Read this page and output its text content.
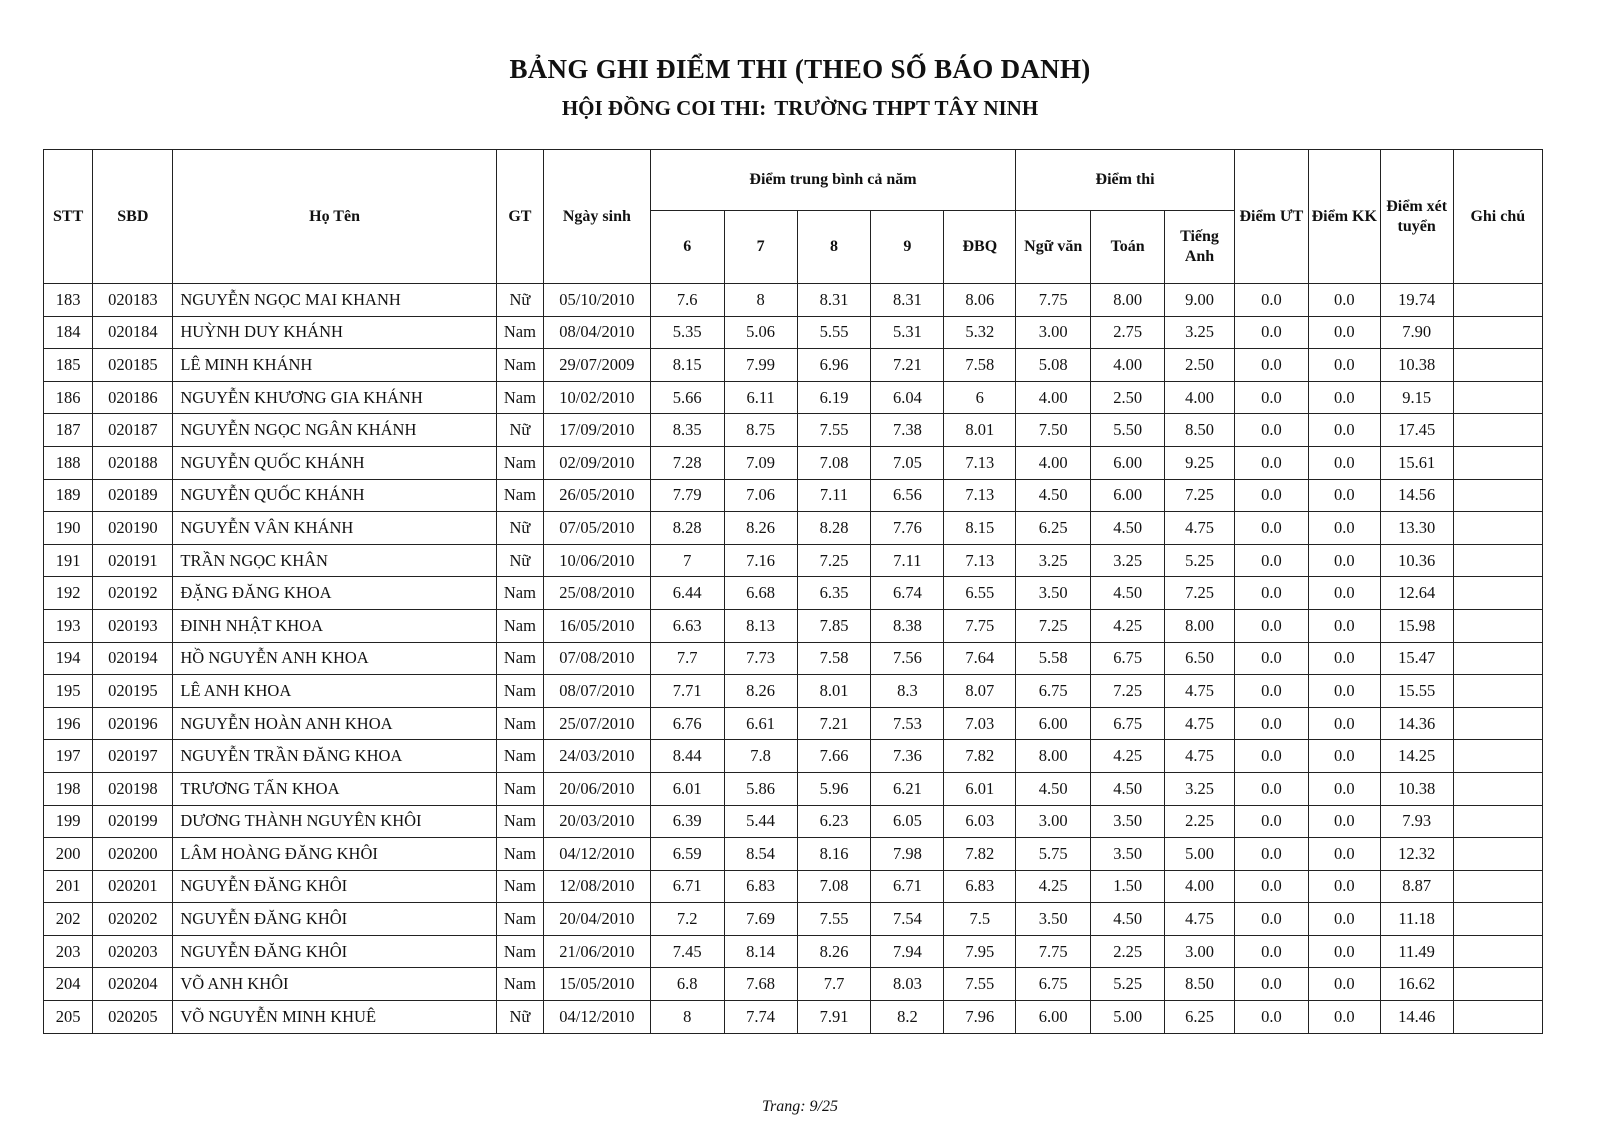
BẢNG GHI ĐIỂM THI (THEO SỐ BÁO DANH)
HỘI ĐỒNG COI THI: TRƯỜNG THPT TÂY NINH
STT	SBD	Họ Tên	GT	Ngày sinh	Điểm trung bình cả năm					Điểm thi			Điểm ƯT	Điểm KK	Điểm xét tuyển	Ghi chú
					6	7	8	9	ĐBQ	Ngữ văn	Toán	Tiếng Anh				
183	020183	NGUYỄN NGỌC MAI KHANH	Nữ	05/10/2010	7.6	8	8.31	8.31	8.06	7.75	8.00	9.00	0.0	0.0	19.74	
184	020184	HUỲNH DUY KHÁNH	Nam	08/04/2010	5.35	5.06	5.55	5.31	5.32	3.00	2.75	3.25	0.0	0.0	7.90	
185	020185	LÊ MINH KHÁNH	Nam	29/07/2009	8.15	7.99	6.96	7.21	7.58	5.08	4.00	2.50	0.0	0.0	10.38	
186	020186	NGUYỄN KHƯƠNG GIA KHÁNH	Nam	10/02/2010	5.66	6.11	6.19	6.04	6	4.00	2.50	4.00	0.0	0.0	9.15	
187	020187	NGUYỄN NGỌC NGÂN KHÁNH	Nữ	17/09/2010	8.35	8.75	7.55	7.38	8.01	7.50	5.50	8.50	0.0	0.0	17.45	
188	020188	NGUYỄN QUỐC KHÁNH	Nam	02/09/2010	7.28	7.09	7.08	7.05	7.13	4.00	6.00	9.25	0.0	0.0	15.61	
189	020189	NGUYỄN QUỐC KHÁNH	Nam	26/05/2010	7.79	7.06	7.11	6.56	7.13	4.50	6.00	7.25	0.0	0.0	14.56	
190	020190	NGUYỄN VÂN KHÁNH	Nữ	07/05/2010	8.28	8.26	8.28	7.76	8.15	6.25	4.50	4.75	0.0	0.0	13.30	
191	020191	TRẦN NGỌC KHÂN	Nữ	10/06/2010	7	7.16	7.25	7.11	7.13	3.25	3.25	5.25	0.0	0.0	10.36	
192	020192	ĐẶNG ĐĂNG KHOA	Nam	25/08/2010	6.44	6.68	6.35	6.74	6.55	3.50	4.50	7.25	0.0	0.0	12.64	
193	020193	ĐINH NHẬT KHOA	Nam	16/05/2010	6.63	8.13	7.85	8.38	7.75	7.25	4.25	8.00	0.0	0.0	15.98	
194	020194	HỒ NGUYỄN ANH KHOA	Nam	07/08/2010	7.7	7.73	7.58	7.56	7.64	5.58	6.75	6.50	0.0	0.0	15.47	
195	020195	LÊ ANH KHOA	Nam	08/07/2010	7.71	8.26	8.01	8.3	8.07	6.75	7.25	4.75	0.0	0.0	15.55	
196	020196	NGUYỄN HOÀN ANH KHOA	Nam	25/07/2010	6.76	6.61	7.21	7.53	7.03	6.00	6.75	4.75	0.0	0.0	14.36	
197	020197	NGUYỄN TRẦN ĐĂNG KHOA	Nam	24/03/2010	8.44	7.8	7.66	7.36	7.82	8.00	4.25	4.75	0.0	0.0	14.25	
198	020198	TRƯƠNG TẤN KHOA	Nam	20/06/2010	6.01	5.86	5.96	6.21	6.01	4.50	4.50	3.25	0.0	0.0	10.38	
199	020199	DƯƠNG THÀNH NGUYÊN KHÔI	Nam	20/03/2010	6.39	5.44	6.23	6.05	6.03	3.00	3.50	2.25	0.0	0.0	7.93	
200	020200	LÂM HOÀNG ĐĂNG KHÔI	Nam	04/12/2010	6.59	8.54	8.16	7.98	7.82	5.75	3.50	5.00	0.0	0.0	12.32	
201	020201	NGUYỄN ĐĂNG KHÔI	Nam	12/08/2010	6.71	6.83	7.08	6.71	6.83	4.25	1.50	4.00	0.0	0.0	8.87	
202	020202	NGUYỄN ĐĂNG KHÔI	Nam	20/04/2010	7.2	7.69	7.55	7.54	7.5	3.50	4.50	4.75	0.0	0.0	11.18	
203	020203	NGUYỄN ĐĂNG KHÔI	Nam	21/06/2010	7.45	8.14	8.26	7.94	7.95	7.75	2.25	3.00	0.0	0.0	11.49	
204	020204	VÕ ANH KHÔI	Nam	15/05/2010	6.8	7.68	7.7	8.03	7.55	6.75	5.25	8.50	0.0	0.0	16.62	
205	020205	VÕ NGUYỄN MINH KHUÊ	Nữ	04/12/2010	8	7.74	7.91	8.2	7.96	6.00	5.00	6.25	0.0	0.0	14.46	
Trang: 9/25
